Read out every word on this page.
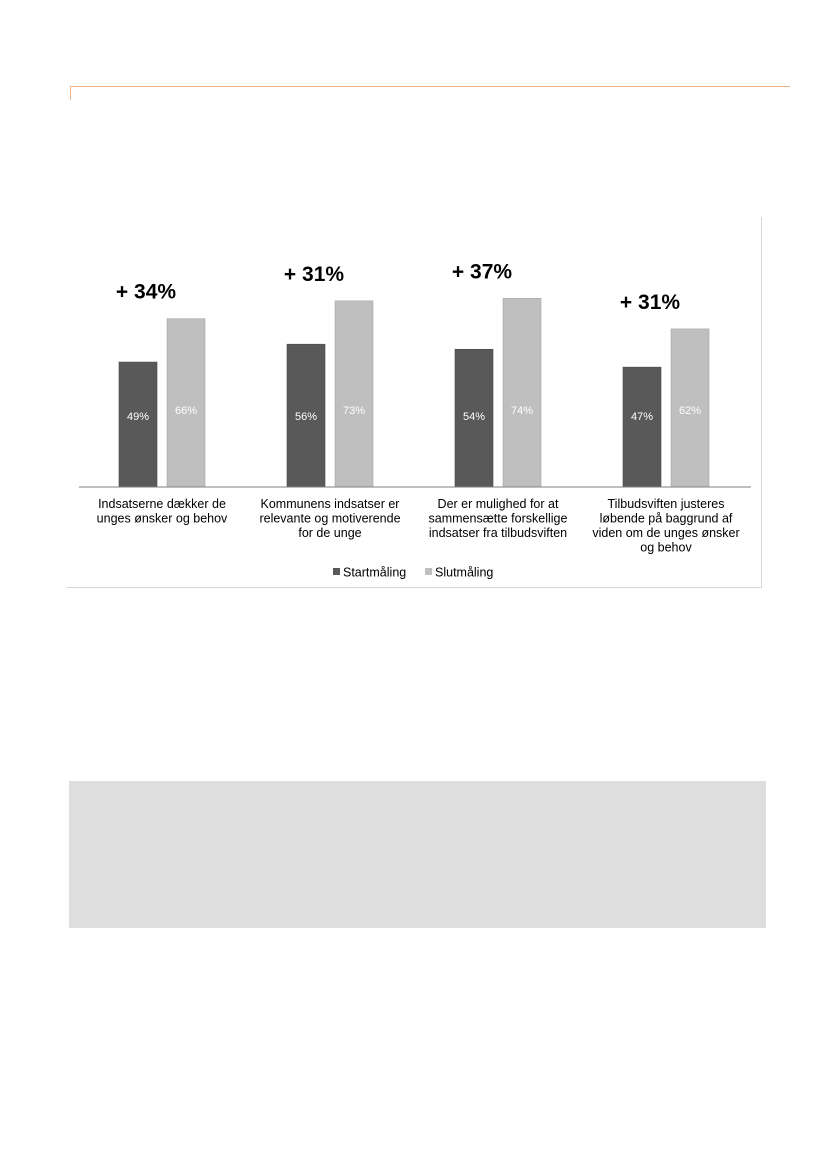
49% 66%
+ 34%
Indsatserne dækker de unges ønsker og behov
56% 73%
+ 31%
Kommunens indsatser er relevante og motiverende for de unge
54% 74%
+ 37%
Der er mulighed for at sammensætte forskellige indsatser fra tilbudsviften
47% 62%
+ 31%
Tilbudsviften justeres løbende på baggrund af viden om de unges ønsker og behov
Startmåling Slutmåling
